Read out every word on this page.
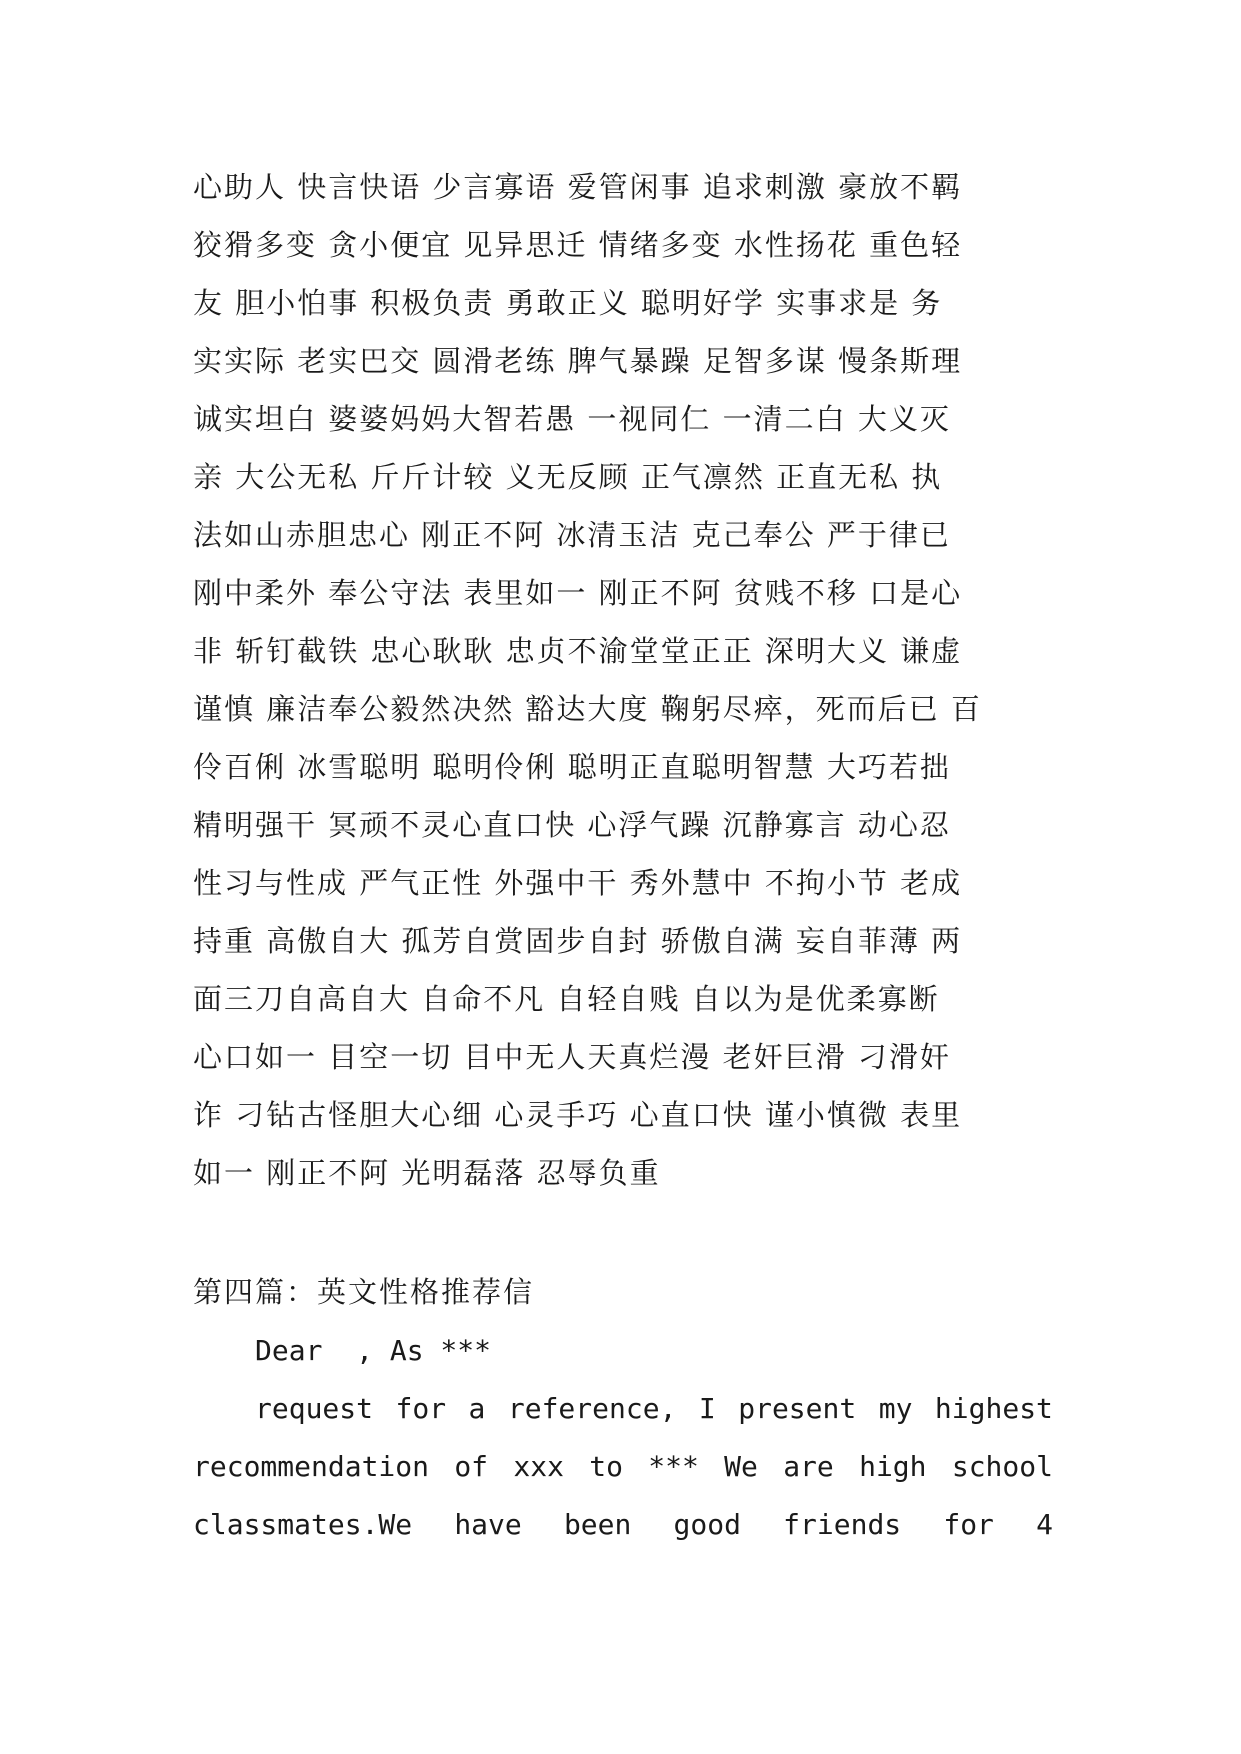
心助人 快言快语 少言寡语 爱管闲事 追求刺激 豪放不羁
狡猾多变 贪小便宜 见异思迁 情绪多变 水性扬花 重色轻
友 胆小怕事 积极负责 勇敢正义 聪明好学 实事求是 务
实实际 老实巴交 圆滑老练 脾气暴躁 足智多谋 慢条斯理
诚实坦白 婆婆妈妈大智若愚 一视同仁 一清二白 大义灭
亲 大公无私 斤斤计较 义无反顾 正气凛然 正直无私 执
法如山赤胆忠心 刚正不阿 冰清玉洁 克己奉公 严于律已
刚中柔外 奉公守法 表里如一 刚正不阿 贫贱不移 口是心
非 斩钉截铁 忠心耿耿 忠贞不渝堂堂正正 深明大义 谦虚
谨慎 廉洁奉公毅然决然 豁达大度 鞠躬尽瘁，死而后已 百
伶百俐 冰雪聪明 聪明伶俐 聪明正直聪明智慧 大巧若拙
精明强干 冥顽不灵心直口快 心浮气躁 沉静寡言 动心忍
性习与性成 严气正性 外强中干 秀外慧中 不拘小节 老成
持重 高傲自大 孤芳自赏固步自封 骄傲自满 妄自菲薄 两
面三刀自高自大 自命不凡 自轻自贱 自以为是优柔寡断
心口如一 目空一切 目中无人天真烂漫 老奸巨滑 刁滑奸
诈 刁钻古怪胆大心细 心灵手巧 心直口快 谨小慎微 表里
如一 刚正不阿 光明磊落 忍辱负重
第四篇：英文性格推荐信
Dear  , As ***
request for a reference, I present my highest
recommendation of xxx to *** We are high school
classmates.We have been good friends for 4
